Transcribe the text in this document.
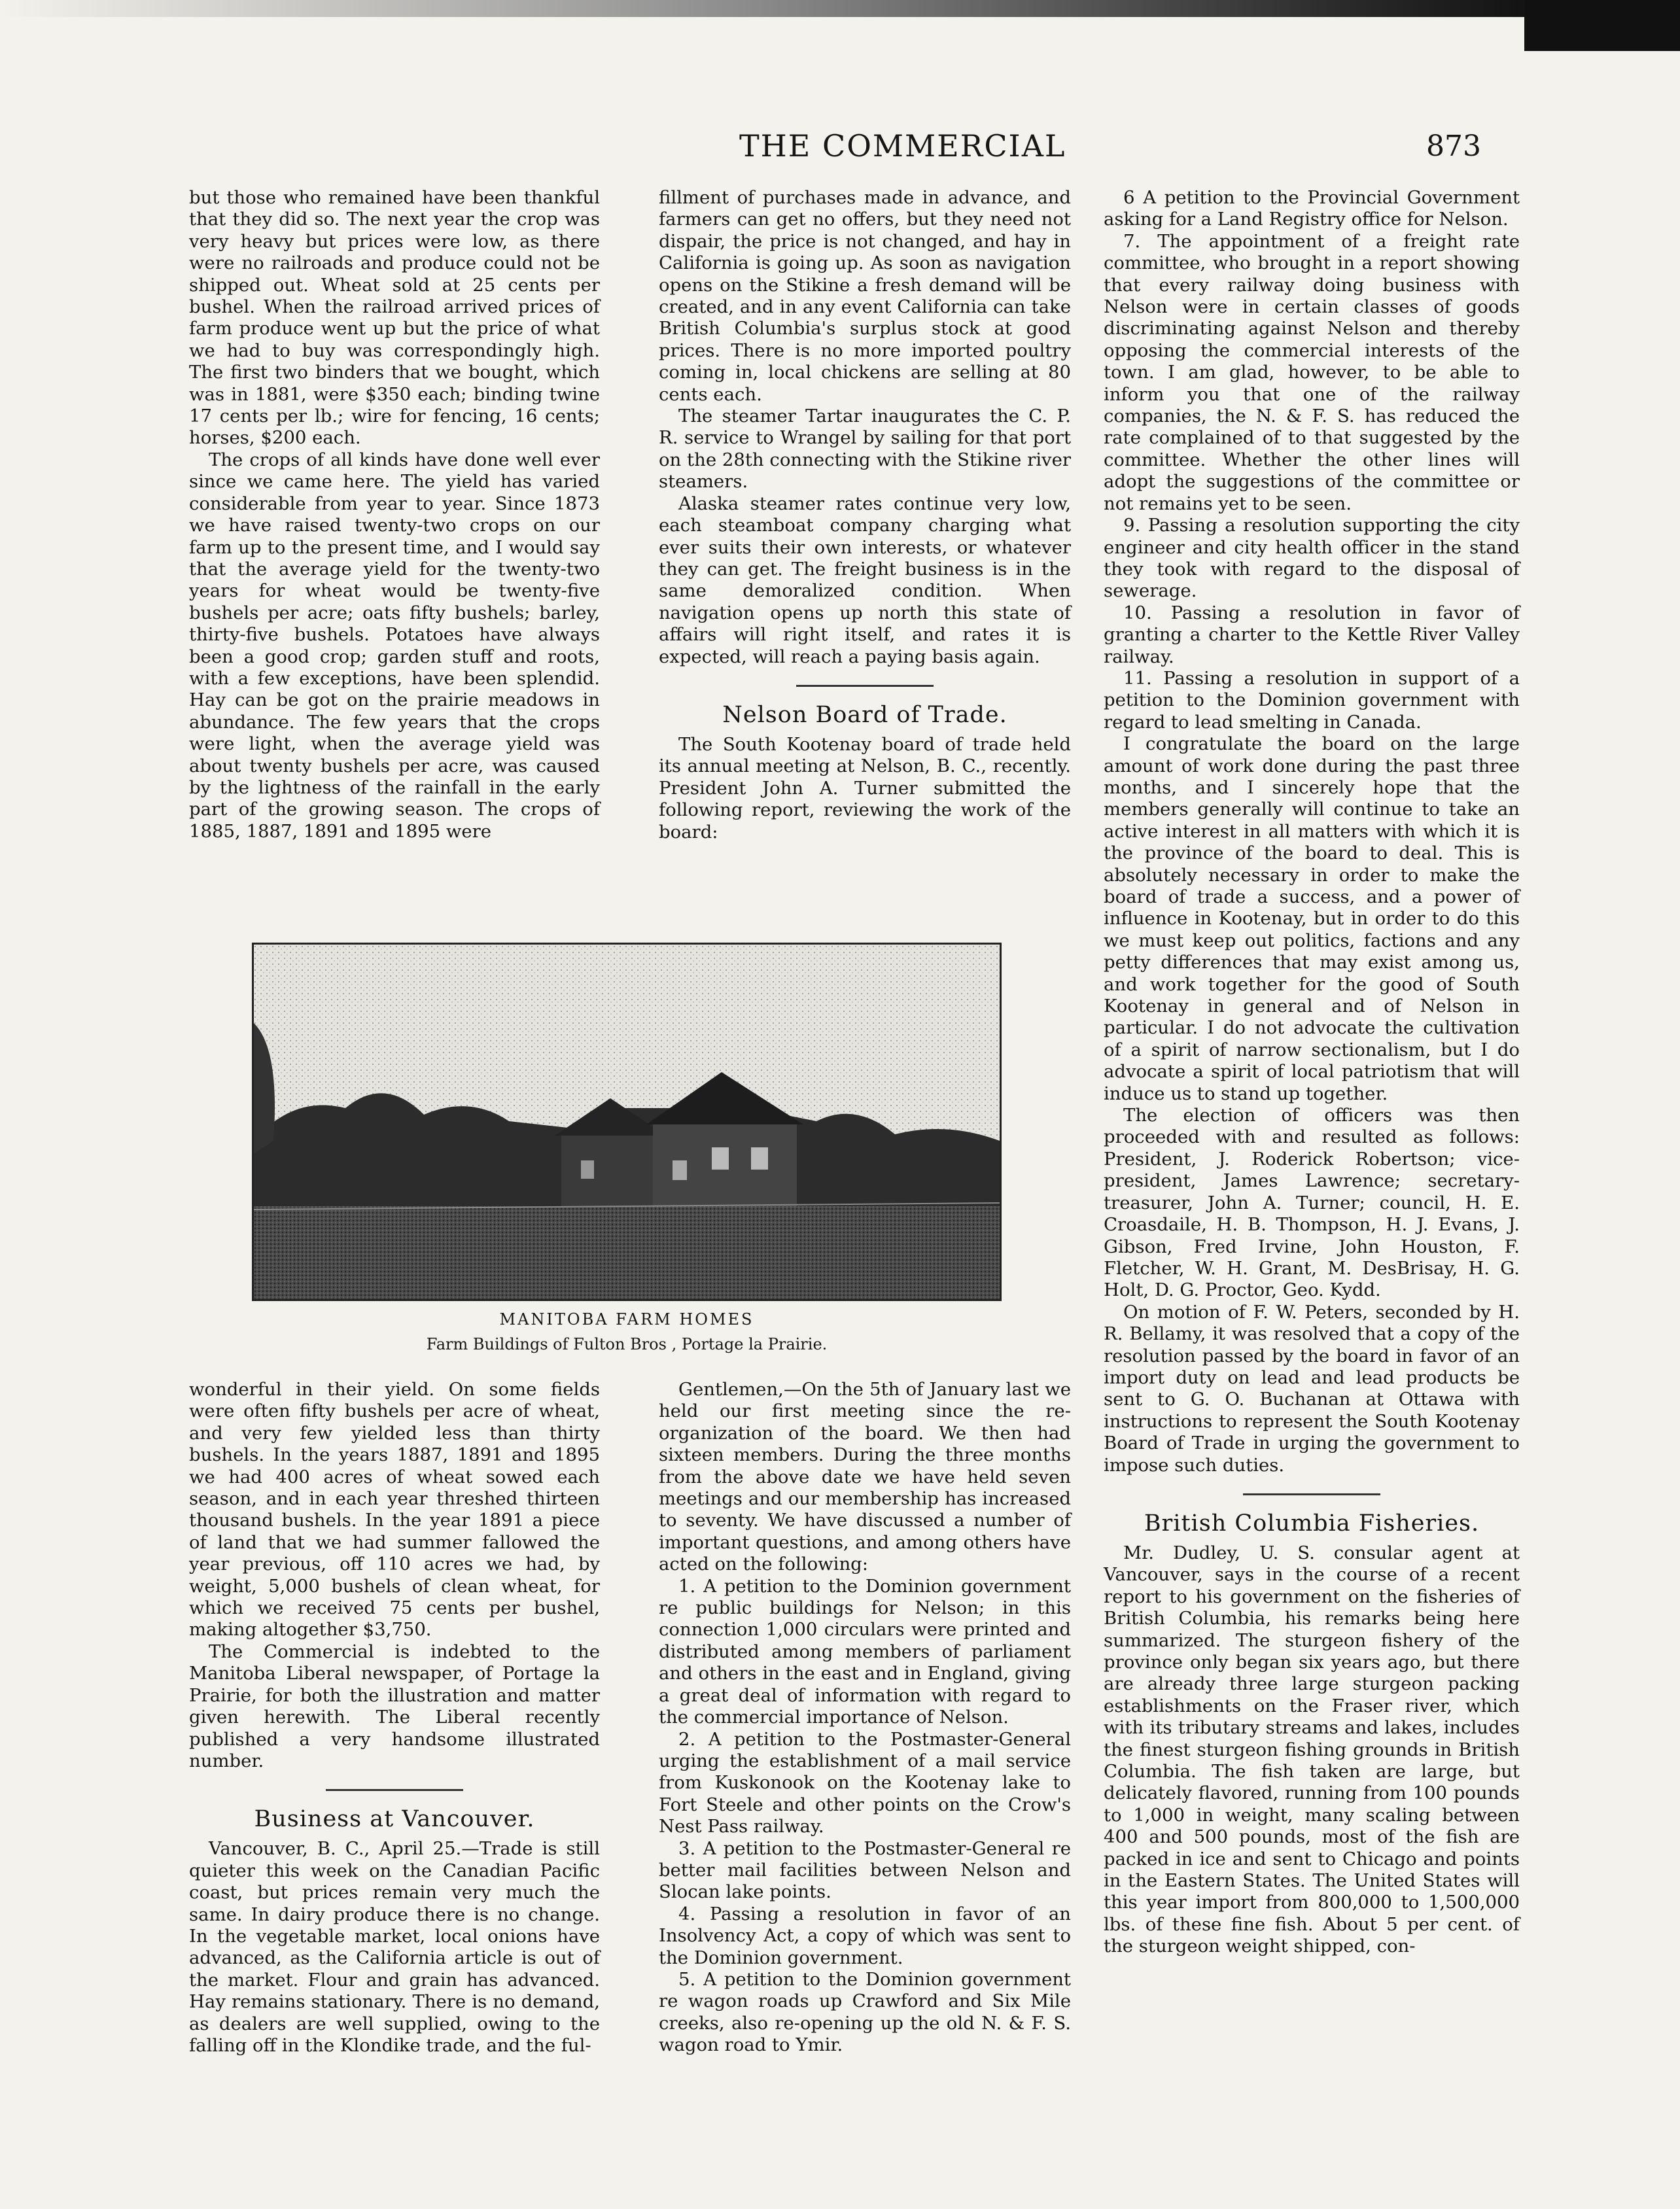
THE COMMERCIAL	873

but those who remained have been thankful that they did so. The next year the crop was very heavy but prices were low, as there were no railroads and produce could not be shipped out. Wheat sold at 25 cents per bushel. When the railroad arrived prices of farm produce went up but the price of what we had to buy was correspondingly high. The first two binders that we bought, which was in 1881, were $350 each; binding twine 17 cents per lb.; wire for fencing, 16 cents; horses, $200 each.

The crops of all kinds have done well ever since we came here. The yield has varied considerable from year to year. Since 1873 we have raised twenty-two crops on our farm up to the present time, and I would say that the average yield for the twenty-two years for wheat would be twenty-five bushels per acre; oats fifty bushels; barley, thirty-five bushels. Potatoes have always been a good crop; garden stuff and roots, with a few exceptions, have been splendid. Hay can be got on the prairie meadows in abundance. The few years that the crops were light, when the average yield was about twenty bushels per acre, was caused by the lightness of the rainfall in the early part of the growing season. The crops of 1885, 1887, 1891 and 1895 were

fillment of purchases made in advance, and farmers can get no offers, but they need not dispair, the price is not changed, and hay in California is going up. As soon as navigation opens on the Stikine a fresh demand will be created, and in any event California can take British Columbia's surplus stock at good prices. There is no more imported poultry coming in, local chickens are selling at 80 cents each.

The steamer Tartar inaugurates the C. P. R. service to Wrangel by sailing for that port on the 28th connecting with the Stikine river steamers.

Alaska steamer rates continue very low, each steamboat company charging what ever suits their own interests, or whatever they can get. The freight business is in the same demoralized condition. When navigation opens up north this state of affairs will right itself, and rates it is expected, will reach a paying basis again.

Nelson Board of Trade.

The South Kootenay board of trade held its annual meeting at Nelson, B. C., recently. President John A. Turner submitted the following report, reviewing the work of the board:

6 A petition to the Provincial Government asking for a Land Registry office for Nelson.

7. The appointment of a freight rate committee, who brought in a report showing that every railway doing business with Nelson were in certain classes of goods discriminating against Nelson and thereby opposing the commercial interests of the town. I am glad, however, to be able to inform you that one of the railway companies, the N. & F. S. has reduced the rate complained of to that suggested by the committee. Whether the other lines will adopt the suggestions of the committee or not remains yet to be seen.

9. Passing a resolution supporting the city engineer and city health officer in the stand they took with regard to the disposal of sewerage.

10. Passing a resolution in favor of granting a charter to the Kettle River Valley railway.

11. Passing a resolution in support of a petition to the Dominion government with regard to lead smelting in Canada.

I congratulate the board on the large amount of work done during the past three months, and I sincerely hope that the members generally will continue to take an active interest in all matters with which it is the province of the board to deal. This is absolutely necessary in order to make the board of trade a success, and a power of influence in Kootenay, but in order to do this we must keep out politics, factions and any petty differences that may exist among us, and work together for the good of South Kootenay in general and of Nelson in particular. I do not advocate the cultivation of a spirit of narrow sectionalism, but I do advocate a spirit of local patriotism that will induce us to stand up together.

The election of officers was then proceeded with and resulted as follows: President, J. Roderick Robertson; vice-president, James Lawrence; secretary-treasurer, John A. Turner; council, H. E. Croasdaile, H. B. Thompson, H. J. Evans, J. Gibson, Fred Irvine, John Houston, F. Fletcher, W. H. Grant, M. DesBrisay, H. G. Holt, D. G. Proctor, Geo. Kydd.

On motion of F. W. Peters, seconded by H. R. Bellamy, it was resolved that a copy of the resolution passed by the board in favor of an import duty on lead and lead products be sent to G. O. Buchanan at Ottawa with instructions to represent the South Kootenay Board of Trade in urging the government to impose such duties.

British Columbia Fisheries.

Mr. Dudley, U. S. consular agent at Vancouver, says in the course of a recent report to his government on the fisheries of British Columbia, his remarks being here summarized. The sturgeon fishery of the province only began six years ago, but there are already three large sturgeon packing establishments on the Fraser river, which with its tributary streams and lakes, includes the finest sturgeon fishing grounds in British Columbia. The fish taken are large, but delicately flavored, running from 100 pounds to 1,000 in weight, many scaling between 400 and 500 pounds, most of the fish are packed in ice and sent to Chicago and points in the Eastern States. The United States will this year import from 800,000 to 1,500,000 lbs. of these fine fish. About 5 per cent. of the sturgeon weight shipped, con-

MANITOBA FARM HOMES
Farm Buildings of Fulton Bros , Portage la Prairie.

wonderful in their yield. On some fields were often fifty bushels per acre of wheat, and very few yielded less than thirty bushels. In the years 1887, 1891 and 1895 we had 400 acres of wheat sowed each season, and in each year threshed thirteen thousand bushels. In the year 1891 a piece of land that we had summer fallowed the year previous, off 110 acres we had, by weight, 5,000 bushels of clean wheat, for which we received 75 cents per bushel, making altogether $3,750.

The Commercial is indebted to the Manitoba Liberal newspaper, of Portage la Prairie, for both the illustration and matter given herewith. The Liberal recently published a very handsome illustrated number.

Business at Vancouver.

Vancouver, B. C., April 25.—Trade is still quieter this week on the Canadian Pacific coast, but prices remain very much the same. In dairy produce there is no change. In the vegetable market, local onions have advanced, as the California article is out of the market. Flour and grain has advanced. Hay remains stationary. There is no demand, as dealers are well supplied, owing to the falling off in the Klondike trade, and the ful-

Gentlemen,—On the 5th of January last we held our first meeting since the re-organization of the board. We then had sixteen members. During the three months from the above date we have held seven meetings and our membership has increased to seventy. We have discussed a number of important questions, and among others have acted on the following:

1. A petition to the Dominion government re public buildings for Nelson; in this connection 1,000 circulars were printed and distributed among members of parliament and others in the east and in England, giving a great deal of information with regard to the commercial importance of Nelson.

2. A petition to the Postmaster-General urging the establishment of a mail service from Kuskonook on the Kootenay lake to Fort Steele and other points on the Crow's Nest Pass railway.

3. A petition to the Postmaster-General re better mail facilities between Nelson and Slocan lake points.

4. Passing a resolution in favor of an Insolvency Act, a copy of which was sent to the Dominion government.

5. A petition to the Dominion government re wagon roads up Crawford and Six Mile creeks, also re-opening up the old N. & F. S. wagon road to Ymir.
